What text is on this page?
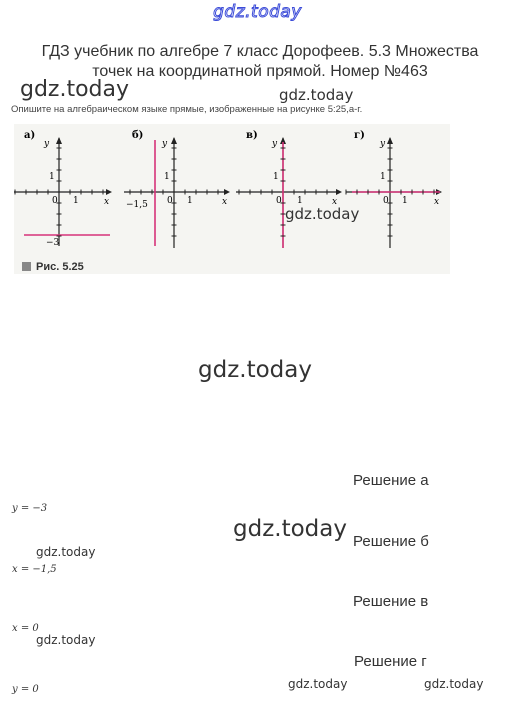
gdz.today
ГДЗ учебник по алгебре 7 класс Дорофеев. 5.3 Множества точек на координатной прямой. Номер №463
gdz.today	gdz.today
Опишите на алгебраическом языке прямые, изображенные на рисунке 5:25,а-г.
а)
y
x
0 1
1
−3
б)
y
x
0 1
1
−1,5
в)
y
x
0 1
1
г)
y
x
0 1
1
Рис. 5.25
gdz.today
gdz.today
Решение а
y = −3
gdz.today Решение б
gdz.today
x = −1,5
Решение в
x = 0
gdz.today
Решение г
gdz.today	gdz.today
y = 0
